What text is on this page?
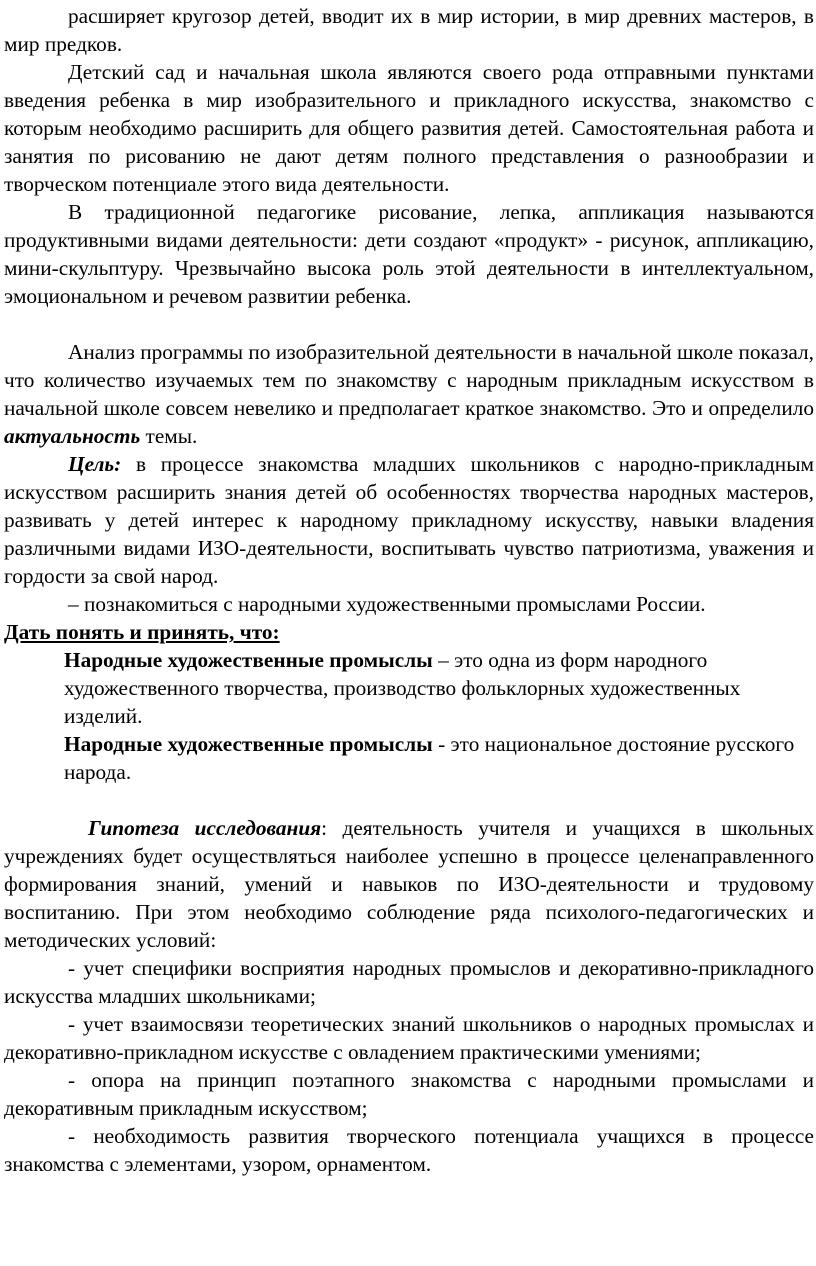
расширяет кругозор детей, вводит их в мир истории, в мир древних мастеров, в мир предков.

Детский сад и начальная школа являются своего рода отправными пунктами введения ребенка в мир изобразительного и прикладного искусства, знакомство с которым необходимо расширить для общего развития детей. Самостоятельная работа и занятия по рисованию не дают детям полного представления о разнообразии и творческом потенциале этого вида деятельности.

В традиционной педагогике рисование, лепка, аппликация называются продуктивными видами деятельности: дети создают «продукт» - рисунок, аппликацию, мини-скульптуру. Чрезвычайно высока роль этой деятельности в интеллектуальном, эмоциональном и речевом развитии ребенка.

Анализ программы по изобразительной деятельности в начальной школе показал, что количество изучаемых тем по знакомству с народным прикладным искусством в начальной школе совсем невелико и предполагает краткое знакомство. Это и определило актуальность темы.

Цель: в процессе знакомства младших школьников с народно-прикладным искусством расширить знания детей об особенностях творчества народных мастеров, развивать у детей интерес к народному прикладному искусству, навыки владения различными видами ИЗО-деятельности, воспитывать чувство патриотизма, уважения и гордости за свой народ.

– познакомиться с народными художественными промыслами России.

Дать понять и принять, что:

Народные художественные промыслы – это одна из форм народного художественного творчества, производство фольклорных художественных изделий.

Народные художественные промыслы - это национальное достояние русского народа.

Гипотеза исследования: деятельность учителя и учащихся в школьных учреждениях будет осуществляться наиболее успешно в процессе целенаправленного формирования знаний, умений и навыков по ИЗО-деятельности и трудовому воспитанию. При этом необходимо соблюдение ряда психолого-педагогических и методических условий:

- учет специфики восприятия народных промыслов и декоративно-прикладного искусства младших школьниками;

- учет взаимосвязи теоретических знаний школьников о народных промыслах и декоративно-прикладном искусстве с овладением практическими умениями;

- опора на принцип поэтапного знакомства с народными промыслами и декоративным прикладным искусством;

- необходимость развития творческого потенциала учащихся в процессе знакомства с элементами, узором, орнаментом.
